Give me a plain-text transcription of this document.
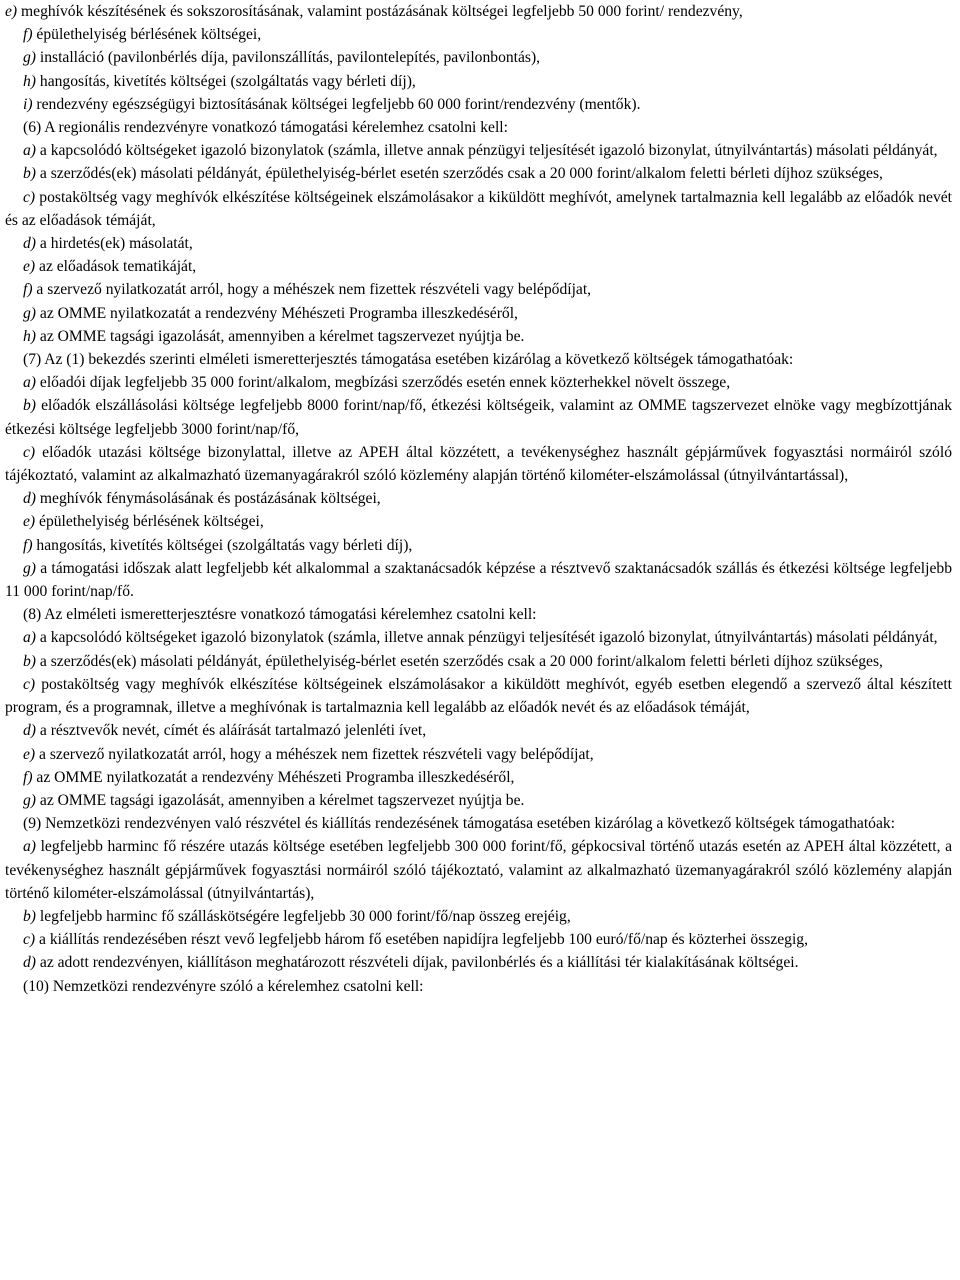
e) meghívók készítésének és sokszorosításának, valamint postázásának költségei legfeljebb 50 000 forint/ rendezvény,

f) épülethelyiség bérlésének költségei,

g) installáció (pavilonbérlés díja, pavilonszállítás, pavilontelepítés, pavilonbontás),

h) hangosítás, kivetítés költségei (szolgáltatás vagy bérleti díj),

i) rendezvény egészségügyi biztosításának költségei legfeljebb 60 000 forint/rendezvény (mentők).

(6) A regionális rendezvényre vonatkozó támogatási kérelemhez csatolni kell:

a) a kapcsolódó költségeket igazoló bizonylatok (számla, illetve annak pénzügyi teljesítését igazoló bizonylat, útnyilvántartás) másolati példányát,

b) a szerződés(ek) másolati példányát, épülethelyiség-bérlet esetén szerződés csak a 20 000 forint/alkalom feletti bérleti díjhoz szükséges,

c) postaköltség vagy meghívók elkészítése költségeinek elszámolásakor a kiküldött meghívót, amelynek tartalmaznia kell legalább az előadók nevét és az előadások témáját,

d) a hirdetés(ek) másolatát,

e) az előadások tematikáját,

f) a szervező nyilatkozatát arról, hogy a méhészek nem fizettek részvételi vagy belépődíjat,

g) az OMME nyilatkozatát a rendezvény Méhészeti Programba illeszkedéséről,

h) az OMME tagsági igazolását, amennyiben a kérelmet tagszervezet nyújtja be.

(7) Az (1) bekezdés szerinti elméleti ismeretterjesztés támogatása esetében kizárólag a következő költségek támogathatóak:

a) előadói díjak legfeljebb 35 000 forint/alkalom, megbízási szerződés esetén ennek közterhekkel növelt összege,

b) előadók elszállásolási költsége legfeljebb 8000 forint/nap/fő, étkezési költségeik, valamint az OMME tagszervezet elnöke vagy megbízottjának étkezési költsége legfeljebb 3000 forint/nap/fő,

c) előadók utazási költsége bizonylattal, illetve az APEH által közzétett, a tevékenységhez használt gépjárművek fogyasztási normáiról szóló tájékoztató, valamint az alkalmazható üzemanyagárakról szóló közlemény alapján történő kilométer-elszámolással (útnyilvántartással),

d) meghívók fénymásolásának és postázásának költségei,

e) épülethelyiség bérlésének költségei,

f) hangosítás, kivetítés költségei (szolgáltatás vagy bérleti díj),

g) a támogatási időszak alatt legfeljebb két alkalommal a szaktanácsadók képzése a résztvevő szaktanácsadók szállás és étkezési költsége legfeljebb 11 000 forint/nap/fő.

(8) Az elméleti ismeretterjesztésre vonatkozó támogatási kérelemhez csatolni kell:

a) a kapcsolódó költségeket igazoló bizonylatok (számla, illetve annak pénzügyi teljesítését igazoló bizonylat, útnyilvántartás) másolati példányát,

b) a szerződés(ek) másolati példányát, épülethelyiség-bérlet esetén szerződés csak a 20 000 forint/alkalom feletti bérleti díjhoz szükséges,

c) postaköltség vagy meghívók elkészítése költségeinek elszámolásakor a kiküldött meghívót, egyéb esetben elegendő a szervező által készített program, és a programnak, illetve a meghívónak is tartalmaznia kell legalább az előadók nevét és az előadások témáját,

d) a résztvevők nevét, címét és aláírását tartalmazó jelenléti ívet,

e) a szervező nyilatkozatát arról, hogy a méhészek nem fizettek részvételi vagy belépődíjat,

f) az OMME nyilatkozatát a rendezvény Méhészeti Programba illeszkedéséről,

g) az OMME tagsági igazolását, amennyiben a kérelmet tagszervezet nyújtja be.

(9) Nemzetközi rendezvényen való részvétel és kiállítás rendezésének támogatása esetében kizárólag a következő költségek támogathatóak:

a) legfeljebb harminc fő részére utazás költsége esetében legfeljebb 300 000 forint/fő, gépkocsival történő utazás esetén az APEH által közzétett, a tevékenységhez használt gépjárművek fogyasztási normáiról szóló tájékoztató, valamint az alkalmazható üzemanyagárakról szóló közlemény alapján történő kilométer-elszámolással (útnyilvántartás),

b) legfeljebb harminc fő szálláskötségére legfeljebb 30 000 forint/fő/nap összeg erejéig,

c) a kiállítás rendezésében részt vevő legfeljebb három fő esetében napidíjra legfeljebb 100 euró/fő/nap és közterhei összegig,

d) az adott rendezvényen, kiállításon meghatározott részvételi díjak, pavilonbérlés és a kiállítási tér kialakításának költségei.

(10) Nemzetközi rendezvényre szóló a kérelemhez csatolni kell:
